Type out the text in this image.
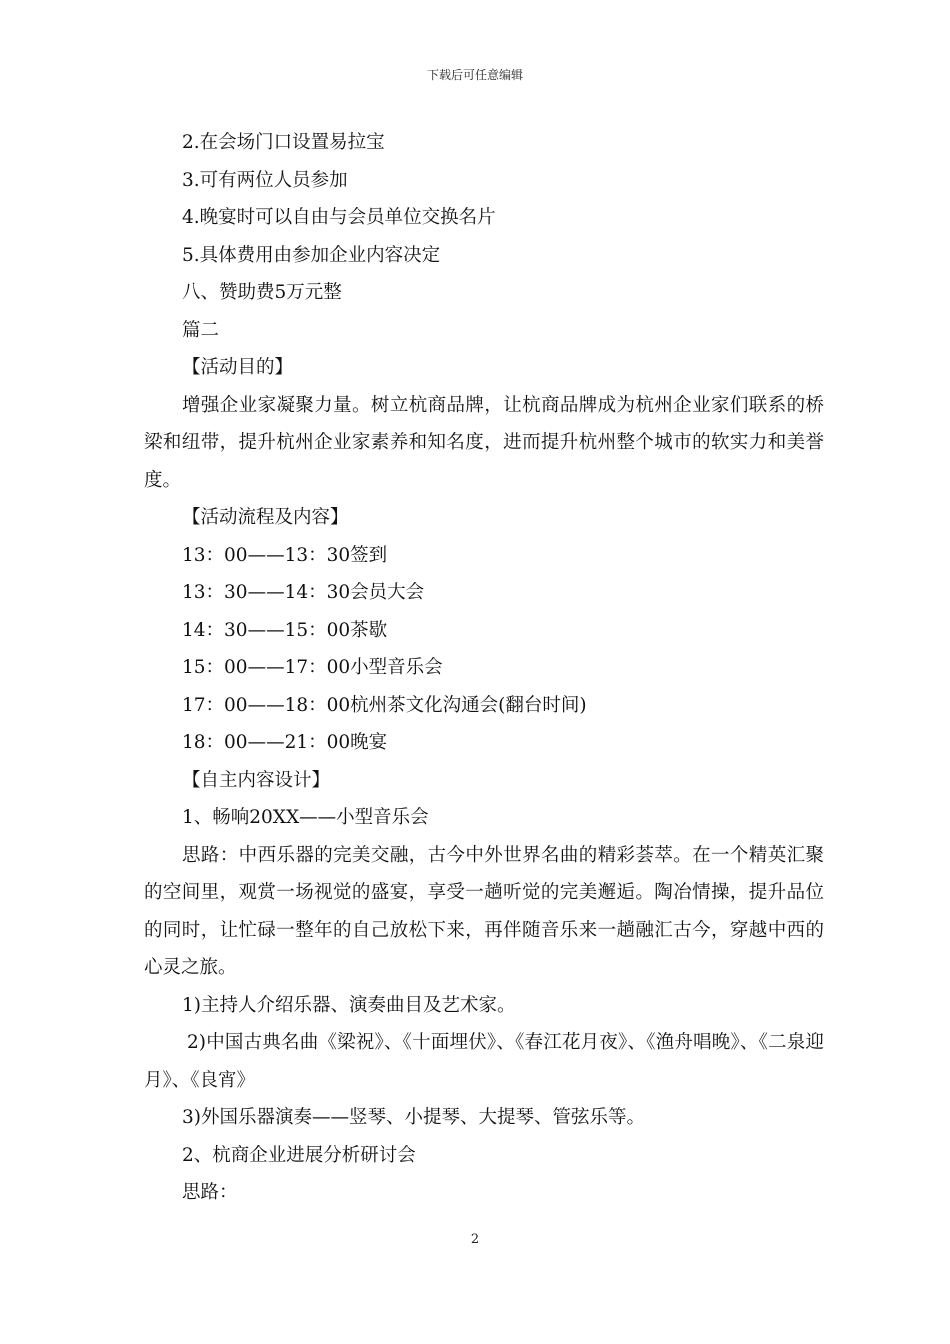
下载后可任意编辑

2.在会场门口设置易拉宝

3.可有两位人员参加

4.晚宴时可以自由与会员单位交换名片

5.具体费用由参加企业内容决定

八、赞助费5万元整

篇二

【活动目的】

增强企业家凝聚力量。树立杭商品牌，让杭商品牌成为杭州企业家们联系的桥梁和纽带，提升杭州企业家素养和知名度，进而提升杭州整个城市的软实力和美誉度。

【活动流程及内容】

13：00——13：30签到

13：30——14：30会员大会

14：30——15：00茶歇

15：00——17：00小型音乐会

17：00——18：00杭州茶文化沟通会(翻台时间)

18：00——21：00晚宴

【自主内容设计】

1、畅响20XX——小型音乐会

思路：中西乐器的完美交融，古今中外世界名曲的精彩荟萃。在一个精英汇聚的空间里，观赏一场视觉的盛宴，享受一趟听觉的完美邂逅。陶冶情操，提升品位的同时，让忙碌一整年的自己放松下来，再伴随音乐来一趟融汇古今，穿越中西的心灵之旅。

1)主持人介绍乐器、演奏曲目及艺术家。

2)中国古典名曲《梁祝》、《十面埋伏》、《春江花月夜》、《渔舟唱晚》、《二泉迎月》、《良宵》

3)外国乐器演奏——竖琴、小提琴、大提琴、管弦乐等。

2、杭商企业进展分析研讨会

思路：

2
